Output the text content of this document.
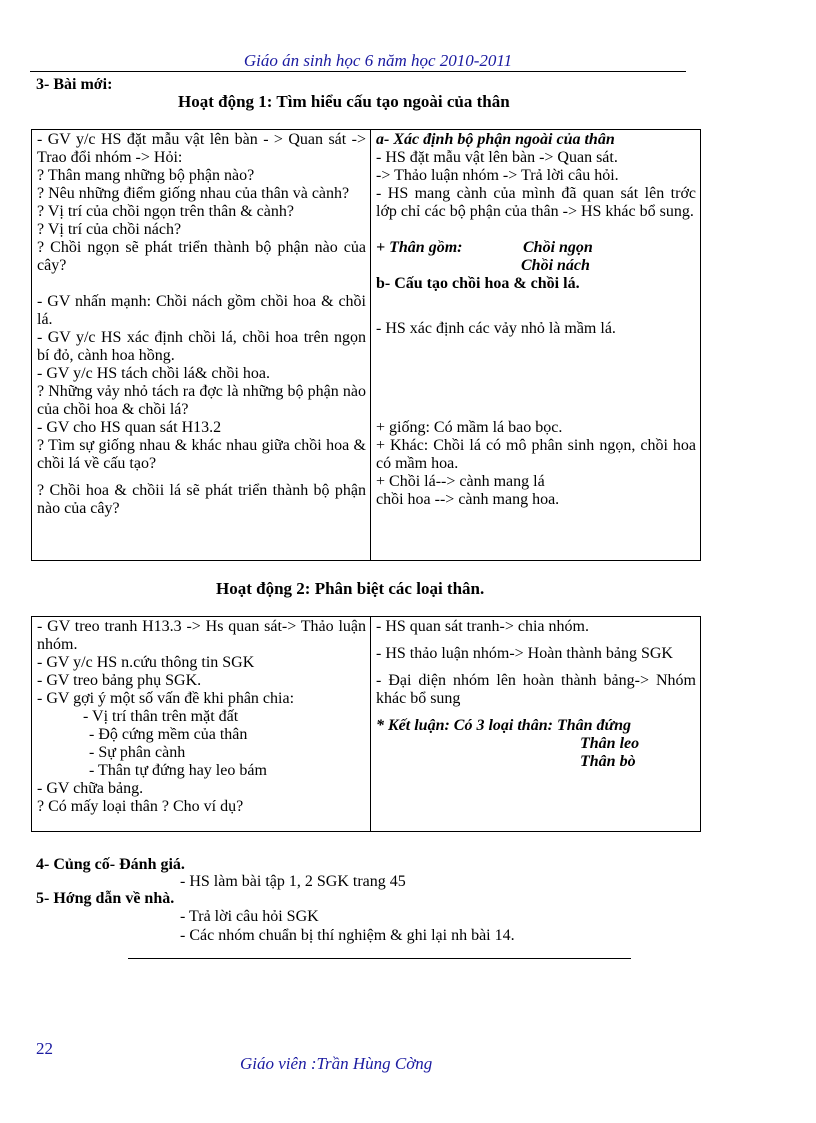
Giáo án sinh học 6 năm học 2010-2011
3- Bài mới:
Hoạt động 1: Tìm hiểu cấu tạo ngoài của thân
- GV y/c HS đặt mẫu vật lên bàn - > Quan sát -> Trao đổi nhóm -> Hỏi:
? Thân mang những bộ phận nào?
? Nêu những điểm giống nhau của thân và cành?
? Vị trí của chồi ngọn trên thân & cành?
? Vị trí của chồi nách?
? Chồi ngọn sẽ phát triển thành bộ phận nào của cây?
- GV nhấn mạnh: Chồi nách gồm chồi hoa & chồi lá.
- GV y/c HS xác định chồi lá, chồi hoa trên ngọn bí đỏ, cành hoa hồng.
- GV y/c HS tách chồi lá& chồi hoa.
? Những vảy nhỏ tách ra đợc là những bộ phận nào của chồi hoa & chồi lá?
- GV cho HS quan sát H13.2
? Tìm sự giống nhau & khác nhau giữa chồi hoa & chồi lá về cấu tạo?
? Chồi hoa & chồii lá sẽ phát triển thành bộ phận nào của cây?

a- Xác định bộ phận ngoài của thân
- HS đặt mẫu vật lên bàn -> Quan sát.
-> Thảo luận nhóm -> Trả lời câu hỏi.
- HS mang cành của mình đã quan sát lên trớc lớp chỉ các bộ phận của thân -> HS khác bổ sung.
+ Thân gồm:	Chồi ngọn
Chồi nách
b- Cấu tạo chồi hoa & chồi lá.
- HS xác định các vảy nhỏ là mầm lá.
+ giống: Có mầm lá bao bọc.
+ Khác: Chồi lá có mô phân sinh ngọn, chồi hoa có mầm hoa.
+ Chồi lá--> cành mang lá
chồi hoa --> cành mang hoa.
Hoạt động 2: Phân biệt các loại thân.
- GV treo tranh H13.3 -> Hs quan sát-> Thảo luận nhóm.
- GV y/c HS n.cứu thông tin SGK
- GV treo bảng phụ SGK.
- GV gợi ý một số vấn đề khi phân chia:
- Vị trí thân trên mặt đất
- Độ cứng mềm của thân
- Sự phân cành
- Thân tự đứng hay leo bám
- GV chữa bảng.
? Có mấy loại thân ? Cho ví dụ?

- HS quan sát tranh-> chia nhóm.
- HS thảo luận nhóm-> Hoàn thành bảng SGK
- Đại diện nhóm lên hoàn thành bảng-> Nhóm khác bổ sung
* Kết luận: Có 3 loại thân: Thân đứng
Thân leo
Thân bò
4- Củng cố- Đánh giá.
- HS làm bài tập 1, 2 SGK trang 45
5- Hớng dẫn về nhà.
- Trả lời câu hỏi SGK
- Các nhóm chuẩn bị thí nghiệm & ghi lại nh bài 14.
22
Giáo viên :Trần Hùng Cờng
